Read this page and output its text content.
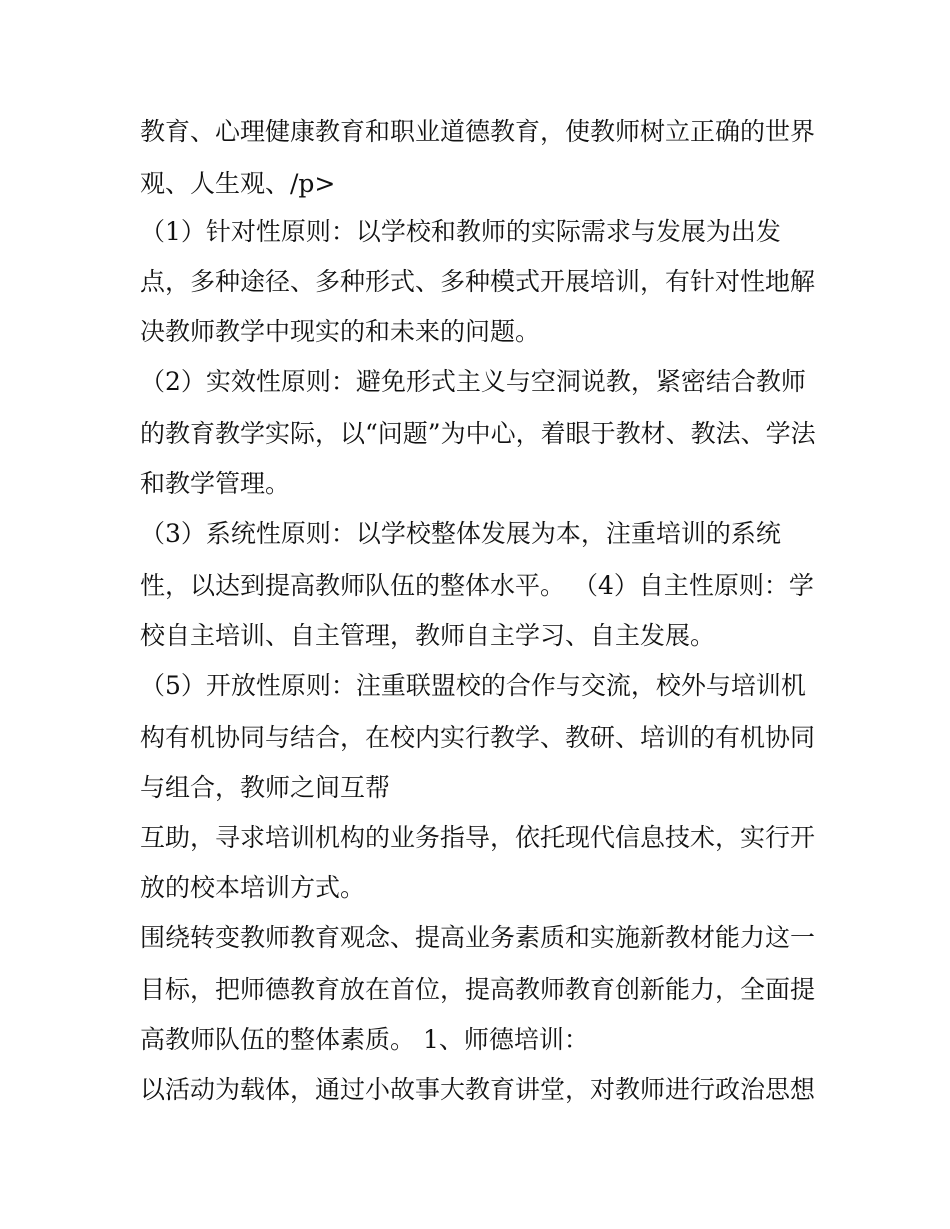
教育、心理健康教育和职业道德教育，使教师树立正确的世界

观、人生观、/p>

（1）针对性原则：以学校和教师的实际需求与发展为出发

点，多种途径、多种形式、多种模式开展培训，有针对性地解

决教师教学中现实的和未来的问题。

（2）实效性原则：避免形式主义与空洞说教，紧密结合教师

的教育教学实际，以“问题”为中心，着眼于教材、教法、学法

和教学管理。

（3）系统性原则：以学校整体发展为本，注重培训的系统

性，以达到提高教师队伍的整体水平。 （4）自主性原则：学

校自主培训、自主管理，教师自主学习、自主发展。

（5）开放性原则：注重联盟校的合作与交流，校外与培训机

构有机协同与结合，在校内实行教学、教研、培训的有机协同

与组合，教师之间互帮

互助，寻求培训机构的业务指导，依托现代信息技术，实行开

放的校本培训方式。

围绕转变教师教育观念、提高业务素质和实施新教材能力这一

目标，把师德教育放在首位，提高教师教育创新能力，全面提

高教师队伍的整体素质。 1、师德培训：

以活动为载体，通过小故事大教育讲堂，对教师进行政治思想
